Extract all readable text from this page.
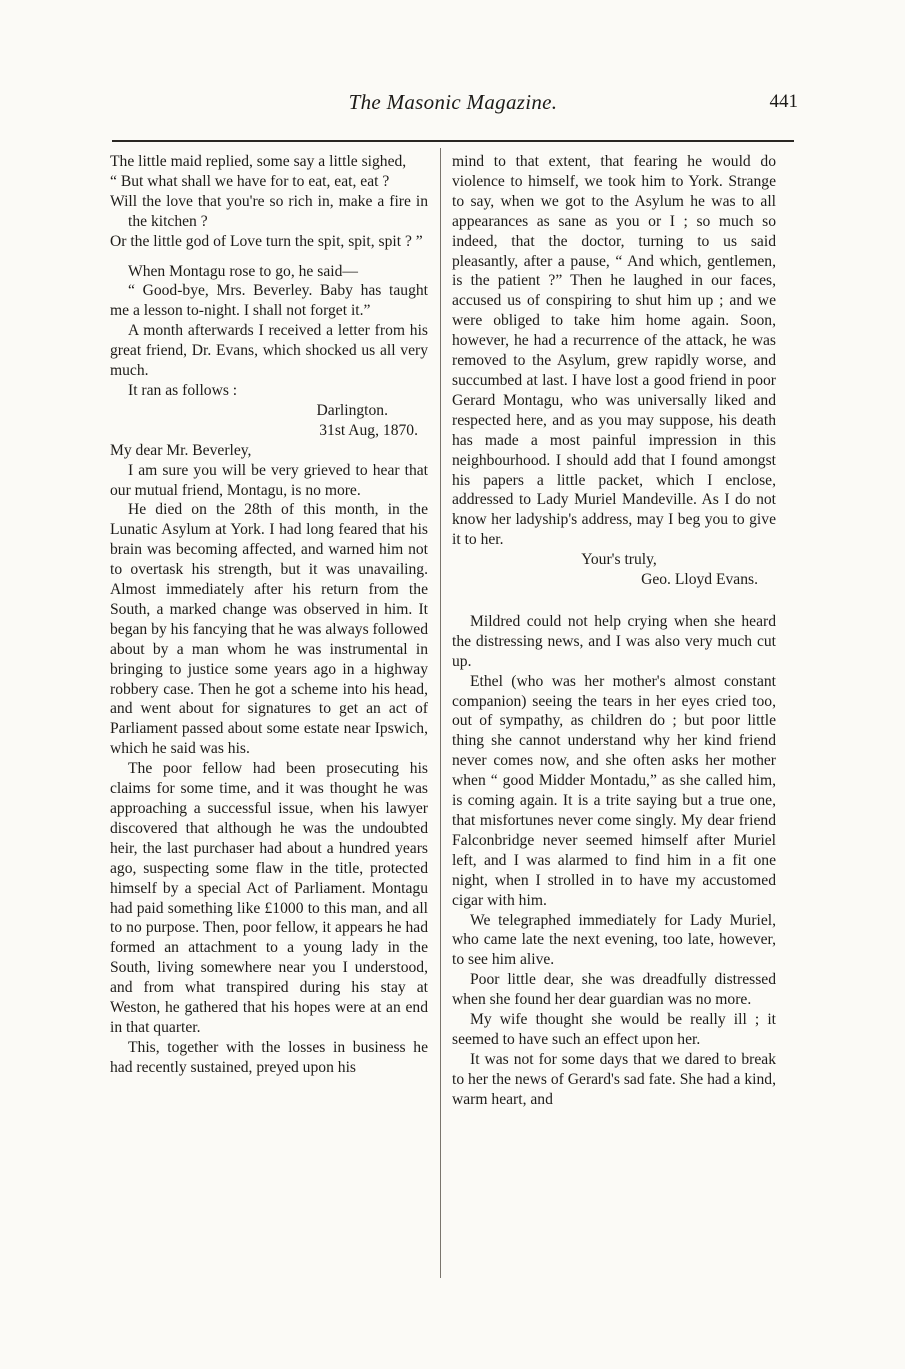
The Masonic Magazine.	441

The little maid replied, some say a little sighed,

“ But what shall we have for to eat, eat, eat ?

Will the love that you're so rich in, make a fire in the kitchen ?

Or the little god of Love turn the spit, spit, spit ? ”

When Montagu rose to go, he said—

“ Good-bye, Mrs. Beverley. Baby has taught me a lesson to-night. I shall not forget it.”

A month afterwards I received a letter from his great friend, Dr. Evans, which shocked us all very much.

It ran as follows :

Darlington.

31st Aug, 1870.

My dear Mr. Beverley,

I am sure you will be very grieved to hear that our mutual friend, Montagu, is no more.

He died on the 28th of this month, in the Lunatic Asylum at York. I had long feared that his brain was becoming affected, and warned him not to overtask his strength, but it was unavailing. Almost immediately after his return from the South, a marked change was observed in him. It began by his fancying that he was always followed about by a man whom he was instrumental in bringing to justice some years ago in a highway robbery case. Then he got a scheme into his head, and went about for signatures to get an act of Parliament passed about some estate near Ipswich, which he said was his.

The poor fellow had been prosecuting his claims for some time, and it was thought he was approaching a successful issue, when his lawyer discovered that although he was the undoubted heir, the last purchaser had about a hundred years ago, suspecting some flaw in the title, protected himself by a special Act of Parliament. Montagu had paid something like £1000 to this man, and all to no purpose. Then, poor fellow, it appears he had formed an attachment to a young lady in the South, living somewhere near you I understood, and from what transpired during his stay at Weston, he gathered that his hopes were at an end in that quarter.

This, together with the losses in business he had recently sustained, preyed upon his

mind to that extent, that fearing he would do violence to himself, we took him to York. Strange to say, when we got to the Asylum he was to all appearances as sane as you or I ; so much so indeed, that the doctor, turning to us said pleasantly, after a pause, “ And which, gentlemen, is the patient ?” Then he laughed in our faces, accused us of conspiring to shut him up ; and we were obliged to take him home again. Soon, however, he had a recurrence of the attack, he was removed to the Asylum, grew rapidly worse, and succumbed at last. I have lost a good friend in poor Gerard Montagu, who was universally liked and respected here, and as you may suppose, his death has made a most painful impression in this neighbourhood. I should add that I found amongst his papers a little packet, which I enclose, addressed to Lady Muriel Mandeville. As I do not know her ladyship's address, may I beg you to give it to her.

Your's truly,

Geo. Lloyd Evans.

Mildred could not help crying when she heard the distressing news, and I was also very much cut up.

Ethel (who was her mother's almost constant companion) seeing the tears in her eyes cried too, out of sympathy, as children do ; but poor little thing she cannot understand why her kind friend never comes now, and she often asks her mother when “ good Midder Montadu,” as she called him, is coming again. It is a trite saying but a true one, that misfortunes never come singly. My dear friend Falconbridge never seemed himself after Muriel left, and I was alarmed to find him in a fit one night, when I strolled in to have my accustomed cigar with him.

We telegraphed immediately for Lady Muriel, who came late the next evening, too late, however, to see him alive.

Poor little dear, she was dreadfully distressed when she found her dear guardian was no more.

My wife thought she would be really ill ; it seemed to have such an effect upon her.

It was not for some days that we dared to break to her the news of Gerard's sad fate. She had a kind, warm heart, and
